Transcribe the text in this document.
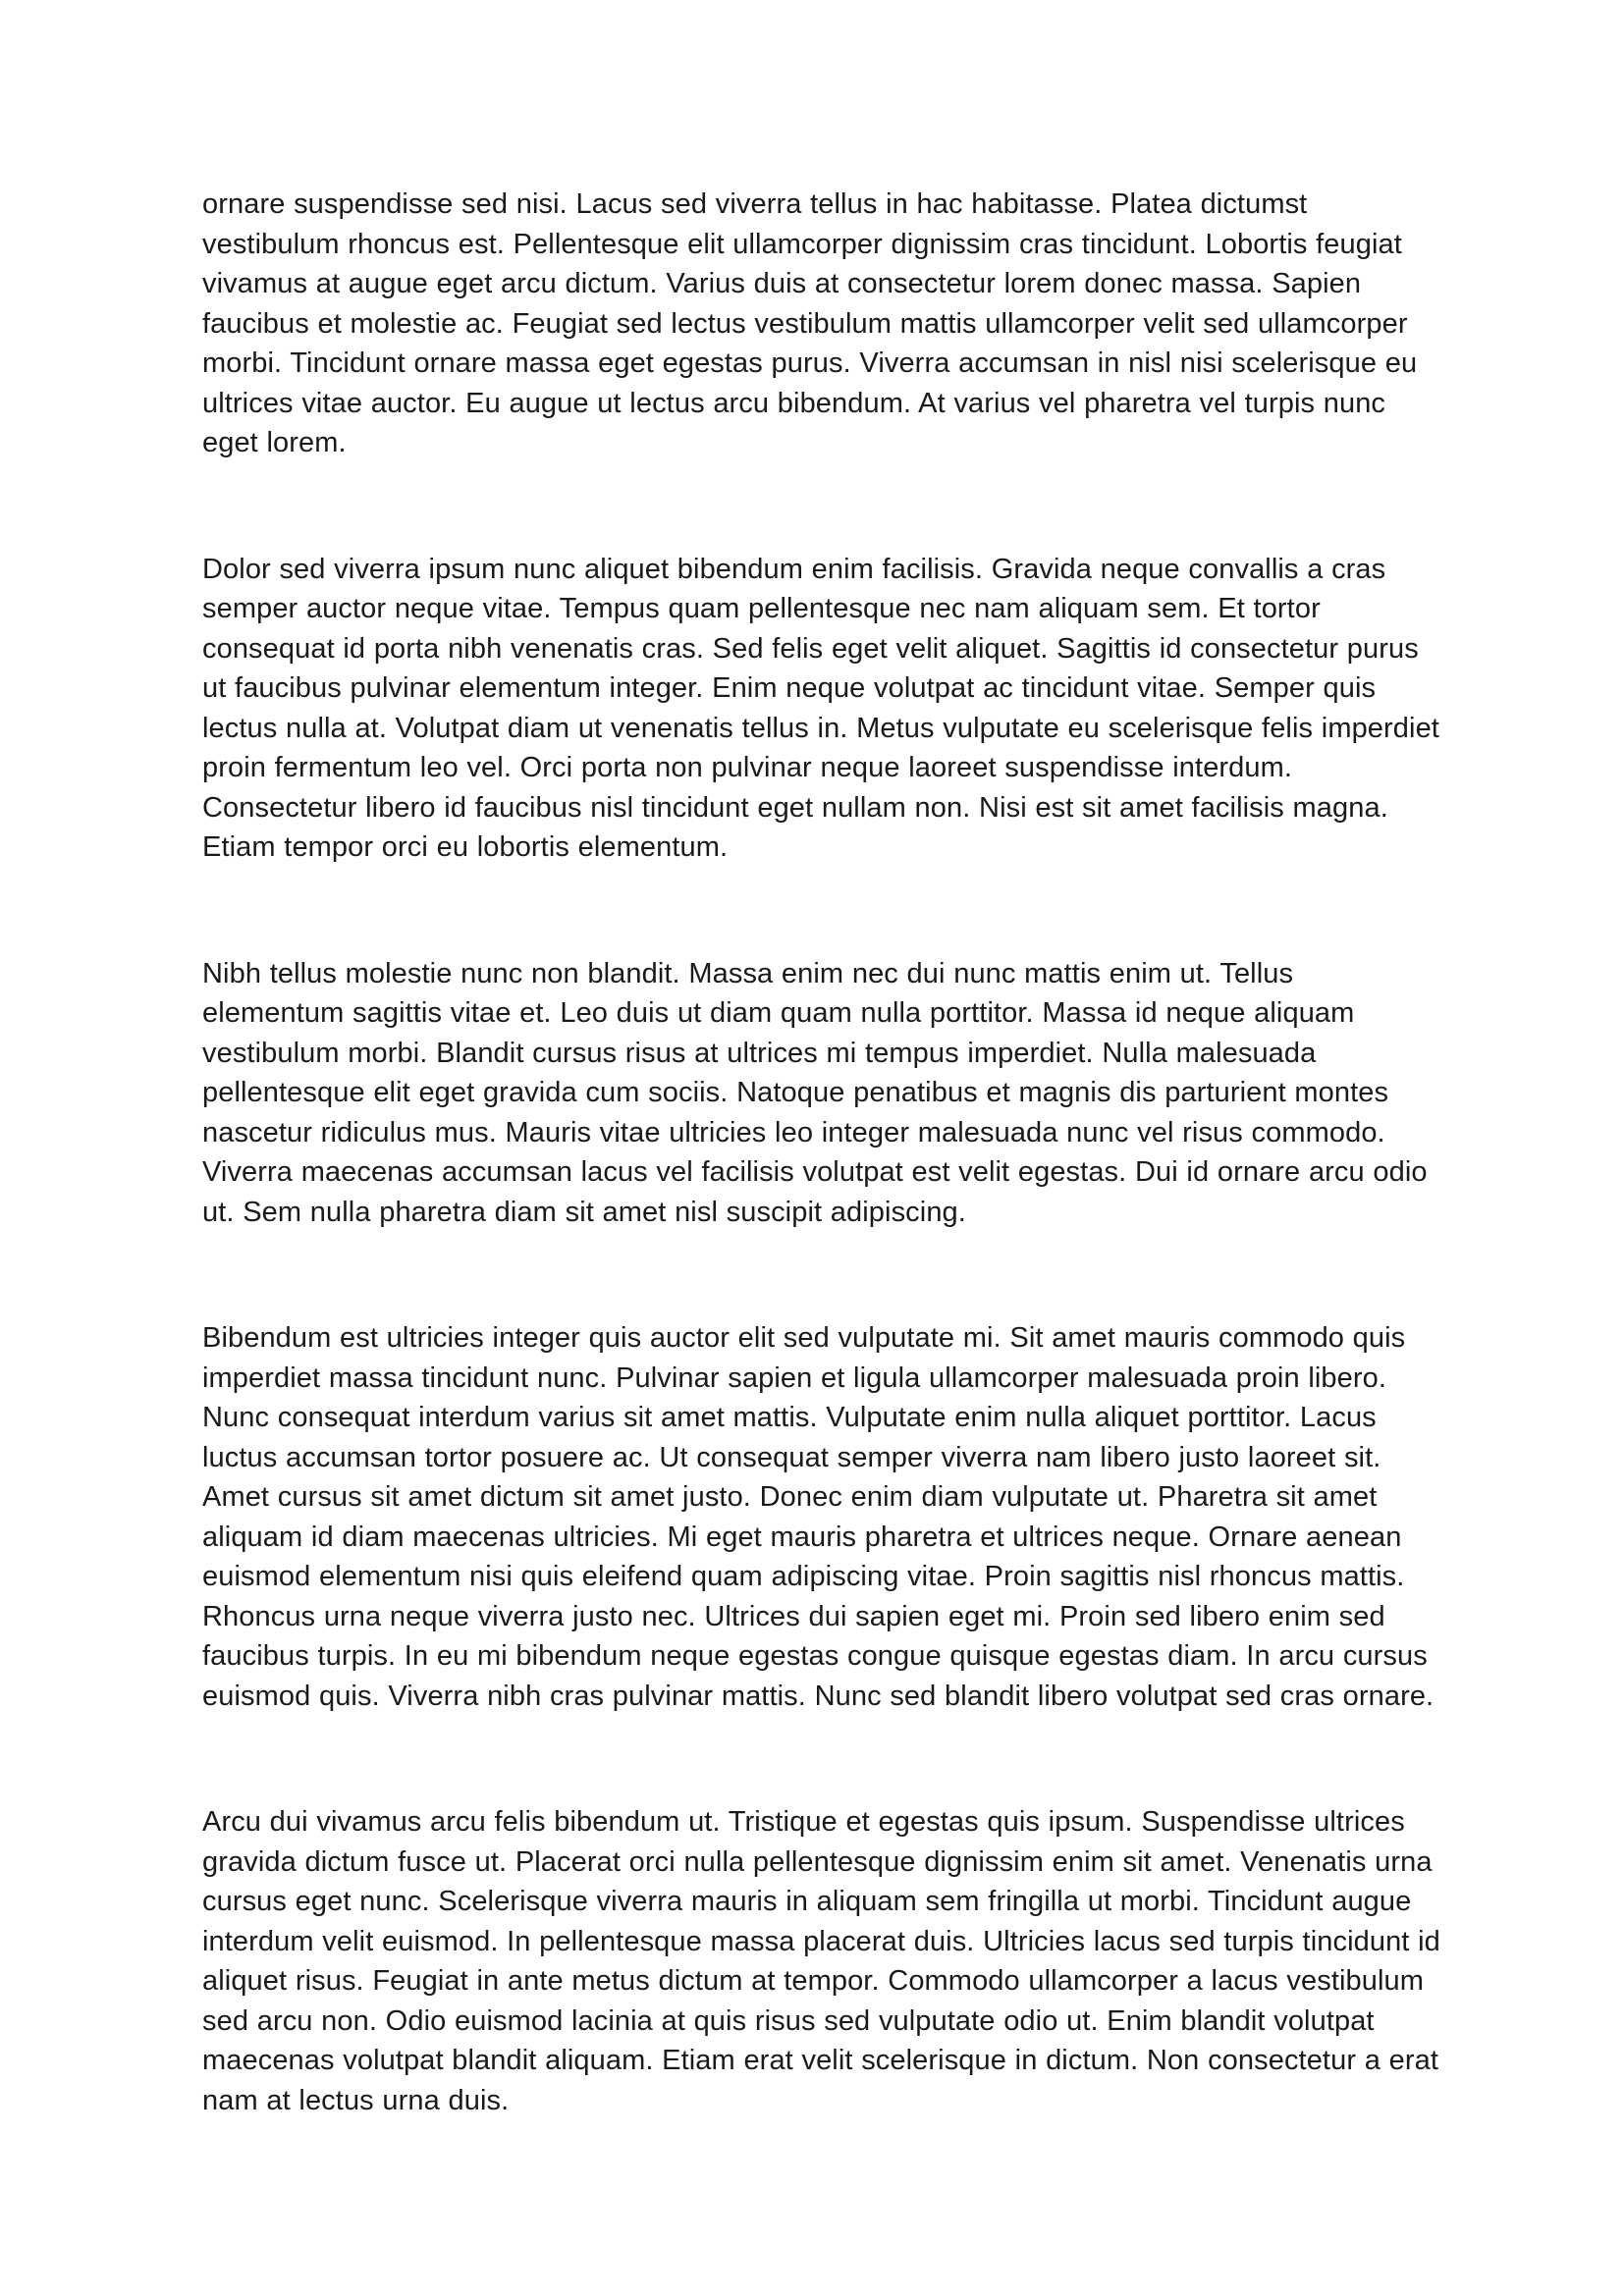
ornare suspendisse sed nisi. Lacus sed viverra tellus in hac habitasse. Platea dictumst vestibulum rhoncus est. Pellentesque elit ullamcorper dignissim cras tincidunt. Lobortis feugiat vivamus at augue eget arcu dictum. Varius duis at consectetur lorem donec massa. Sapien faucibus et molestie ac. Feugiat sed lectus vestibulum mattis ullamcorper velit sed ullamcorper morbi. Tincidunt ornare massa eget egestas purus. Viverra accumsan in nisl nisi scelerisque eu ultrices vitae auctor. Eu augue ut lectus arcu bibendum. At varius vel pharetra vel turpis nunc eget lorem.

Dolor sed viverra ipsum nunc aliquet bibendum enim facilisis. Gravida neque convallis a cras semper auctor neque vitae. Tempus quam pellentesque nec nam aliquam sem. Et tortor consequat id porta nibh venenatis cras. Sed felis eget velit aliquet. Sagittis id consectetur purus ut faucibus pulvinar elementum integer. Enim neque volutpat ac tincidunt vitae. Semper quis lectus nulla at. Volutpat diam ut venenatis tellus in. Metus vulputate eu scelerisque felis imperdiet proin fermentum leo vel. Orci porta non pulvinar neque laoreet suspendisse interdum. Consectetur libero id faucibus nisl tincidunt eget nullam non. Nisi est sit amet facilisis magna. Etiam tempor orci eu lobortis elementum.

Nibh tellus molestie nunc non blandit. Massa enim nec dui nunc mattis enim ut. Tellus elementum sagittis vitae et. Leo duis ut diam quam nulla porttitor. Massa id neque aliquam vestibulum morbi. Blandit cursus risus at ultrices mi tempus imperdiet. Nulla malesuada pellentesque elit eget gravida cum sociis. Natoque penatibus et magnis dis parturient montes nascetur ridiculus mus. Mauris vitae ultricies leo integer malesuada nunc vel risus commodo. Viverra maecenas accumsan lacus vel facilisis volutpat est velit egestas. Dui id ornare arcu odio ut. Sem nulla pharetra diam sit amet nisl suscipit adipiscing.

Bibendum est ultricies integer quis auctor elit sed vulputate mi. Sit amet mauris commodo quis imperdiet massa tincidunt nunc. Pulvinar sapien et ligula ullamcorper malesuada proin libero. Nunc consequat interdum varius sit amet mattis. Vulputate enim nulla aliquet porttitor. Lacus luctus accumsan tortor posuere ac. Ut consequat semper viverra nam libero justo laoreet sit. Amet cursus sit amet dictum sit amet justo. Donec enim diam vulputate ut. Pharetra sit amet aliquam id diam maecenas ultricies. Mi eget mauris pharetra et ultrices neque. Ornare aenean euismod elementum nisi quis eleifend quam adipiscing vitae. Proin sagittis nisl rhoncus mattis. Rhoncus urna neque viverra justo nec. Ultrices dui sapien eget mi. Proin sed libero enim sed faucibus turpis. In eu mi bibendum neque egestas congue quisque egestas diam. In arcu cursus euismod quis. Viverra nibh cras pulvinar mattis. Nunc sed blandit libero volutpat sed cras ornare.

Arcu dui vivamus arcu felis bibendum ut. Tristique et egestas quis ipsum. Suspendisse ultrices gravida dictum fusce ut. Placerat orci nulla pellentesque dignissim enim sit amet. Venenatis urna cursus eget nunc. Scelerisque viverra mauris in aliquam sem fringilla ut morbi. Tincidunt augue interdum velit euismod. In pellentesque massa placerat duis. Ultricies lacus sed turpis tincidunt id aliquet risus. Feugiat in ante metus dictum at tempor. Commodo ullamcorper a lacus vestibulum sed arcu non. Odio euismod lacinia at quis risus sed vulputate odio ut. Enim blandit volutpat maecenas volutpat blandit aliquam. Etiam erat velit scelerisque in dictum. Non consectetur a erat nam at lectus urna duis.
